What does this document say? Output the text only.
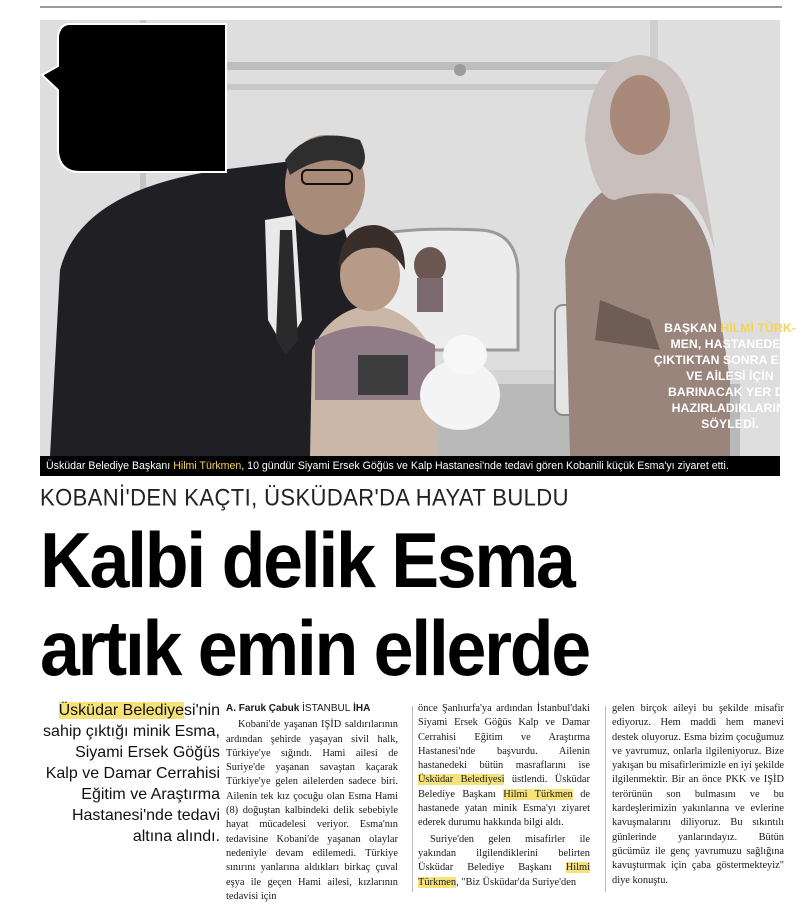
BAŞKAN HİLMİ TÜRK- MEN, HASTANEDEN ÇIKTIKTAN SONRA ESMA VE AİLESİ İÇİN BARINACAK YER DE HAZIRLADIKLARINI SÖYLEDİ.
Üsküdar Belediye Başkanı Hilmi Türkmen, 10 gündür Siyami Ersek Göğüs ve Kalp Hastanesi'nde tedavi gören Kobanili küçük Esma'yı ziyaret etti.
KOBANİ'DEN KAÇTI, ÜSKÜDAR'DA HAYAT BULDU
Kalbi delik Esma
artık emin ellerde
Üsküdar Belediyesi'nin sahip çıktığı minik Esma, Siyami Ersek Göğüs Kalp ve Damar Cerrahisi Eğitim ve Araştırma Hastanesi'nde tedavi altına alındı.

A. Faruk Çabuk İSTANBUL İHA

Kobani'de yaşanan IŞİD saldırılarının ardından şehirde yaşayan sivil halk, Türkiye'ye sığındı. Hami ailesi de Suriye'de yaşanan savaştan kaçarak Türkiye'ye gelen ailelerden sadece biri. Ailenin tek kız çocuğu olan Esma Hami (8) doğuştan kalbindeki delik sebebiyle hayat mücadelesi veriyor. Esma'nın tedavisine Kobani'de yaşanan olaylar nedeniyle devam edilemedi. Türkiye sınırını yanlarına aldıkları birkaç çuval eşya ile geçen Hami ailesi, kızlarının tedavisi için

önce Şanlıurfa'ya ardından İstanbul'daki Siyami Ersek Göğüs Kalp ve Damar Cerrahisi Eğitim ve Araştırma Hastanesi'nde başvurdu. Ailenin hastanedeki bütün masraflarını ise Üsküdar Belediyesi üstlendi. Üsküdar Belediye Başkanı Hilmi Türkmen de hastanede yatan minik Esma'yı ziyaret ederek durumu hakkında bilgi aldı.

Suriye'den gelen misafirler ile yakından ilgilendiklerini belirten Üsküdar Belediye Başkanı Hilmi Türkmen, "Biz Üsküdar'da Suriye'den

gelen birçok aileyi bu şekilde misafir ediyoruz. Hem maddi hem manevi destek oluyoruz. Esma bizim çocuğumuz ve yavrumuz, onlarla ilgileniyoruz. Bize yakışan bu misafirlerimizle en iyi şekilde ilgilenmektir. Bir an önce PKK ve IŞİD terörünün son bulmasını ve bu kardeşlerimizin yakınlarına ve evlerine kavuşmalarını diliyoruz. Bu sıkıntılı günlerinde yanlarındayız. Bütün gücümüz ile genç yavrumuzu sağlığına kavuşturmak için çaba göstermekteyiz" diye konuştu.
